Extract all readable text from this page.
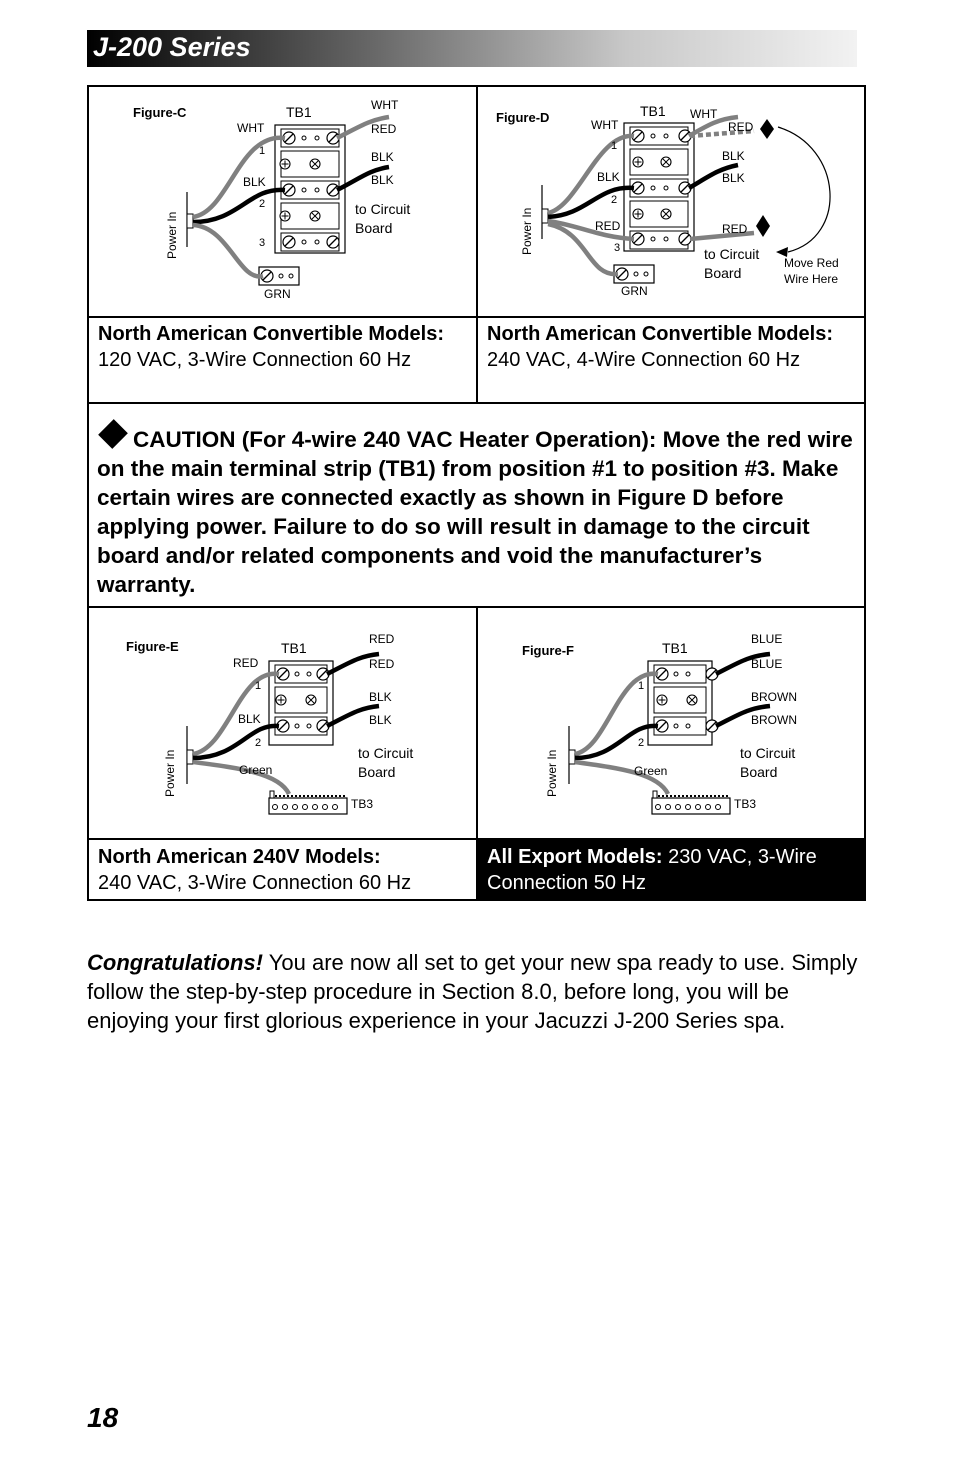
J-200 Series
Figure-C	TB1
Power In
WHT
1
BLK
2
3
WHT
RED
BLK
BLK
to Circuit
Board
GRN
Figure-D	TB1
Power In
WHT
1
BLK
2
RED
3
WHT
RED
BLK
BLK
RED
to Circuit
Board
Move Red
Wire Here
GRN
North American Convertible Models: 120 VAC, 3-Wire Connection 60 Hz
North American Convertible Models: 240 VAC, 4-Wire Connection 60 Hz
CAUTION (For 4-wire 240 VAC Heater Operation): Move the red wire on the main terminal strip (TB1) from position #1 to position #3. Make certain wires are connected exactly as shown in Figure D before applying power. Failure to do so will result in damage to the circuit board and/or related components and void the manufacturer’s warranty.
Figure-E	TB1
Power In
RED
1
BLK
2
RED
RED
BLK
BLK
to Circuit
Board
Green
TB3
Figure-F	TB1
Power In
1
2
BLUE
BLUE
BROWN
BROWN
to Circuit
Board
Green
TB3
North American 240V Models:
240 VAC, 3-Wire Connection 60 Hz
All Export Models: 230 VAC, 3-Wire Connection 50 Hz
Congratulations! You are now all set to get your new spa ready to use. Simply follow the step-by-step procedure in Section 8.0, before long, you will be enjoying your first glorious experience in your Jacuzzi J-200 Series spa.
18
